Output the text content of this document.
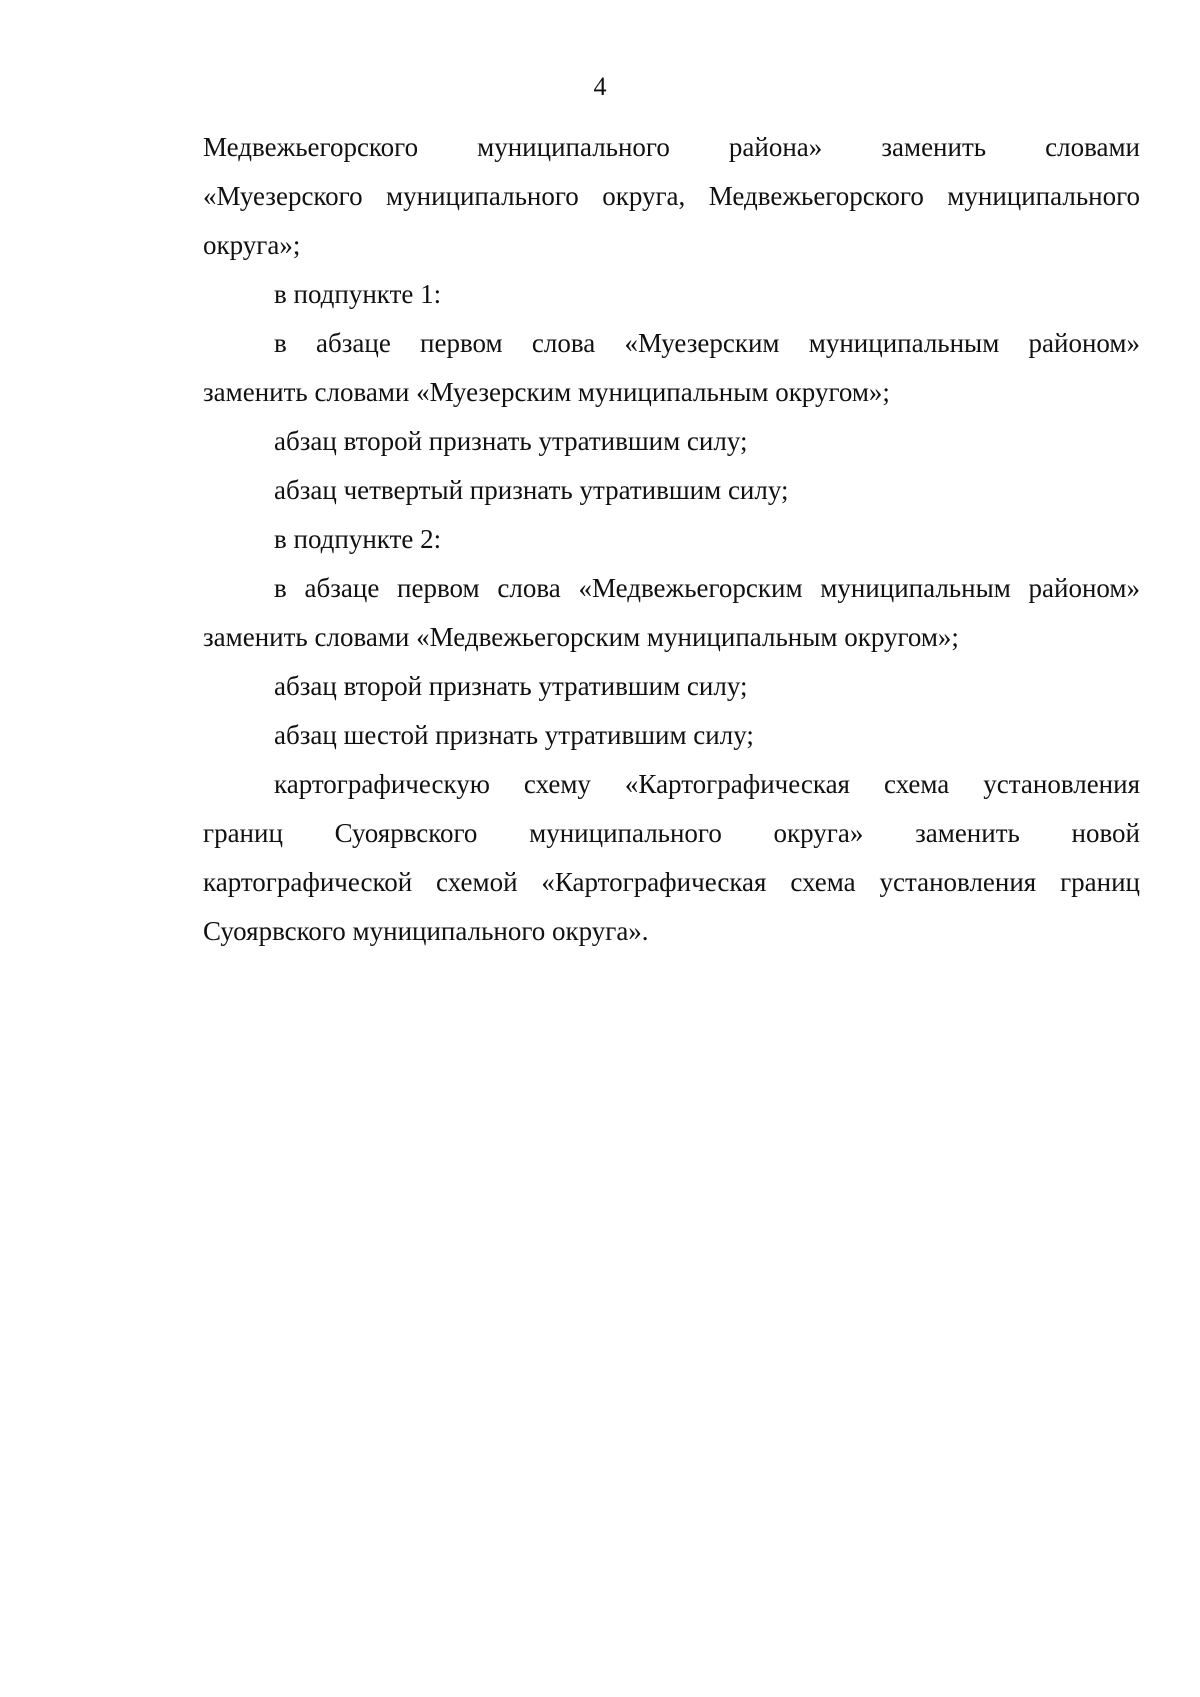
4

Медвежьегорского муниципального района» заменить словами
«Муезерского муниципального округа, Медвежьегорского муниципального
округа»;

в подпункте 1:

в абзаце первом слова «Муезерским муниципальным районом»
заменить словами «Муезерским муниципальным округом»;

абзац второй признать утратившим силу;

абзац четвертый признать утратившим силу;

в подпункте 2:

в абзаце первом слова «Медвежьегорским муниципальным районом»
заменить словами «Медвежьегорским муниципальным округом»;

абзац второй признать утратившим силу;

абзац шестой признать утратившим силу;

картографическую схему «Картографическая схема установления
границ Суоярвского муниципального округа» заменить новой
картографической схемой «Картографическая схема установления границ
Суоярвского муниципального округа».
